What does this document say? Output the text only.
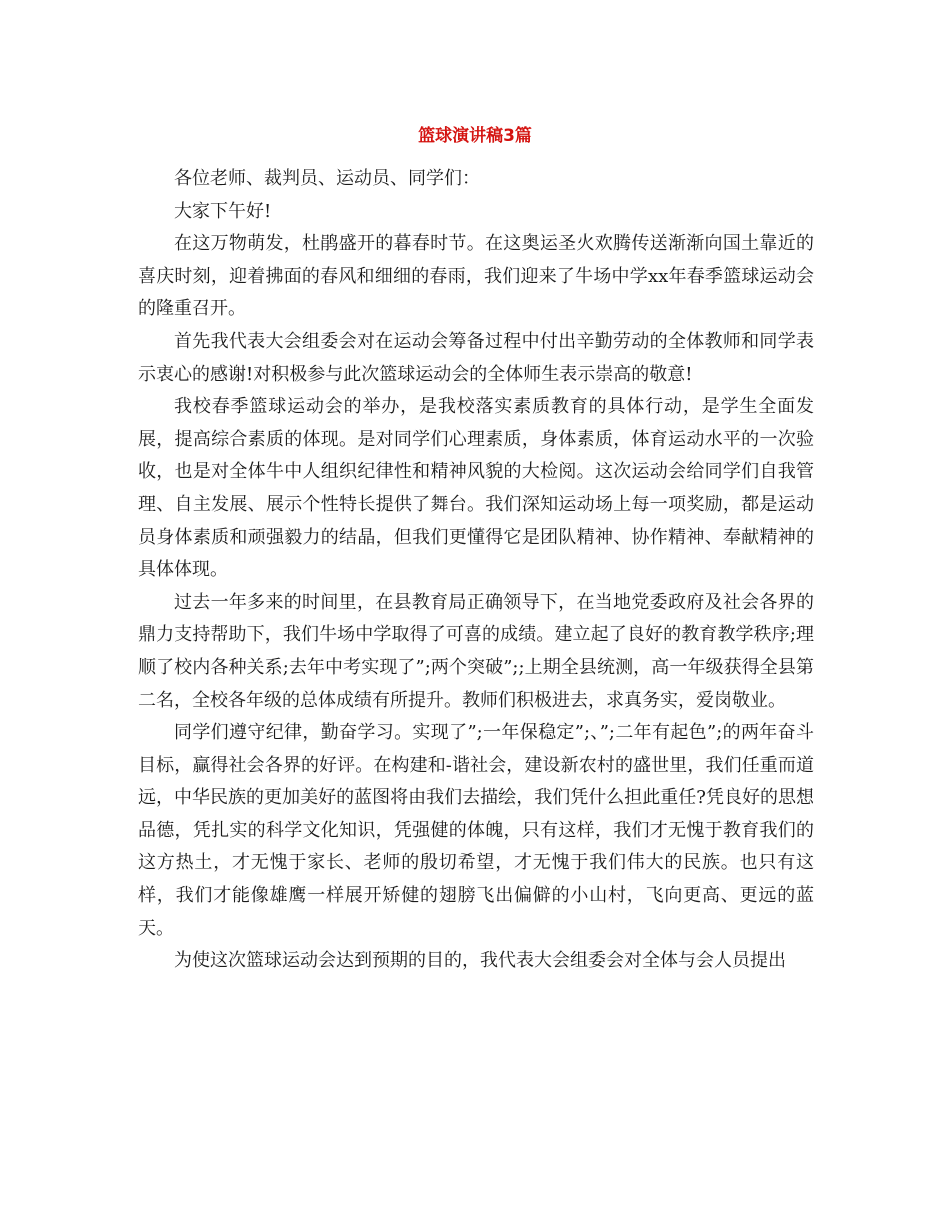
篮球演讲稿3篇

各位老师、裁判员、运动员、同学们：

大家下午好!

在这万物萌发，杜鹃盛开的暮春时节。在这奥运圣火欢腾传送渐渐向国土靠近的喜庆时刻，迎着拂面的春风和细细的春雨，我们迎来了牛场中学xx年春季篮球运动会的隆重召开。

首先我代表大会组委会对在运动会筹备过程中付出辛勤劳动的全体教师和同学表示衷心的感谢!对积极参与此次篮球运动会的全体师生表示崇高的敬意!

我校春季篮球运动会的举办，是我校落实素质教育的具体行动，是学生全面发展，提高综合素质的体现。是对同学们心理素质，身体素质，体育运动水平的一次验收，也是对全体牛中人组织纪律性和精神风貌的大检阅。这次运动会给同学们自我管理、自主发展、展示个性特长提供了舞台。我们深知运动场上每一项奖励，都是运动员身体素质和顽强毅力的结晶，但我们更懂得它是团队精神、协作精神、奉献精神的具体体现。

过去一年多来的时间里，在县教育局正确领导下，在当地党委政府及社会各界的鼎力支持帮助下，我们牛场中学取得了可喜的成绩。建立起了良好的教育教学秩序;理顺了校内各种关系;去年中考实现了”;两个突破”;;上期全县统测，高一年级获得全县第二名，全校各年级的总体成绩有所提升。教师们积极进去，求真务实，爱岗敬业。

同学们遵守纪律，勤奋学习。实现了”;一年保稳定”;、”;二年有起色”;的两年奋斗目标，赢得社会各界的好评。在构建和-谐社会，建设新农村的盛世里，我们任重而道远，中华民族的更加美好的蓝图将由我们去描绘，我们凭什么担此重任?凭良好的思想品德，凭扎实的科学文化知识，凭强健的体魄，只有这样，我们才无愧于教育我们的这方热土，才无愧于家长、老师的殷切希望，才无愧于我们伟大的民族。也只有这样，我们才能像雄鹰一样展开矫健的翅膀飞出偏僻的小山村，飞向更高、更远的蓝天。

为使这次篮球运动会达到预期的目的，我代表大会组委会对全体与会人员提出
